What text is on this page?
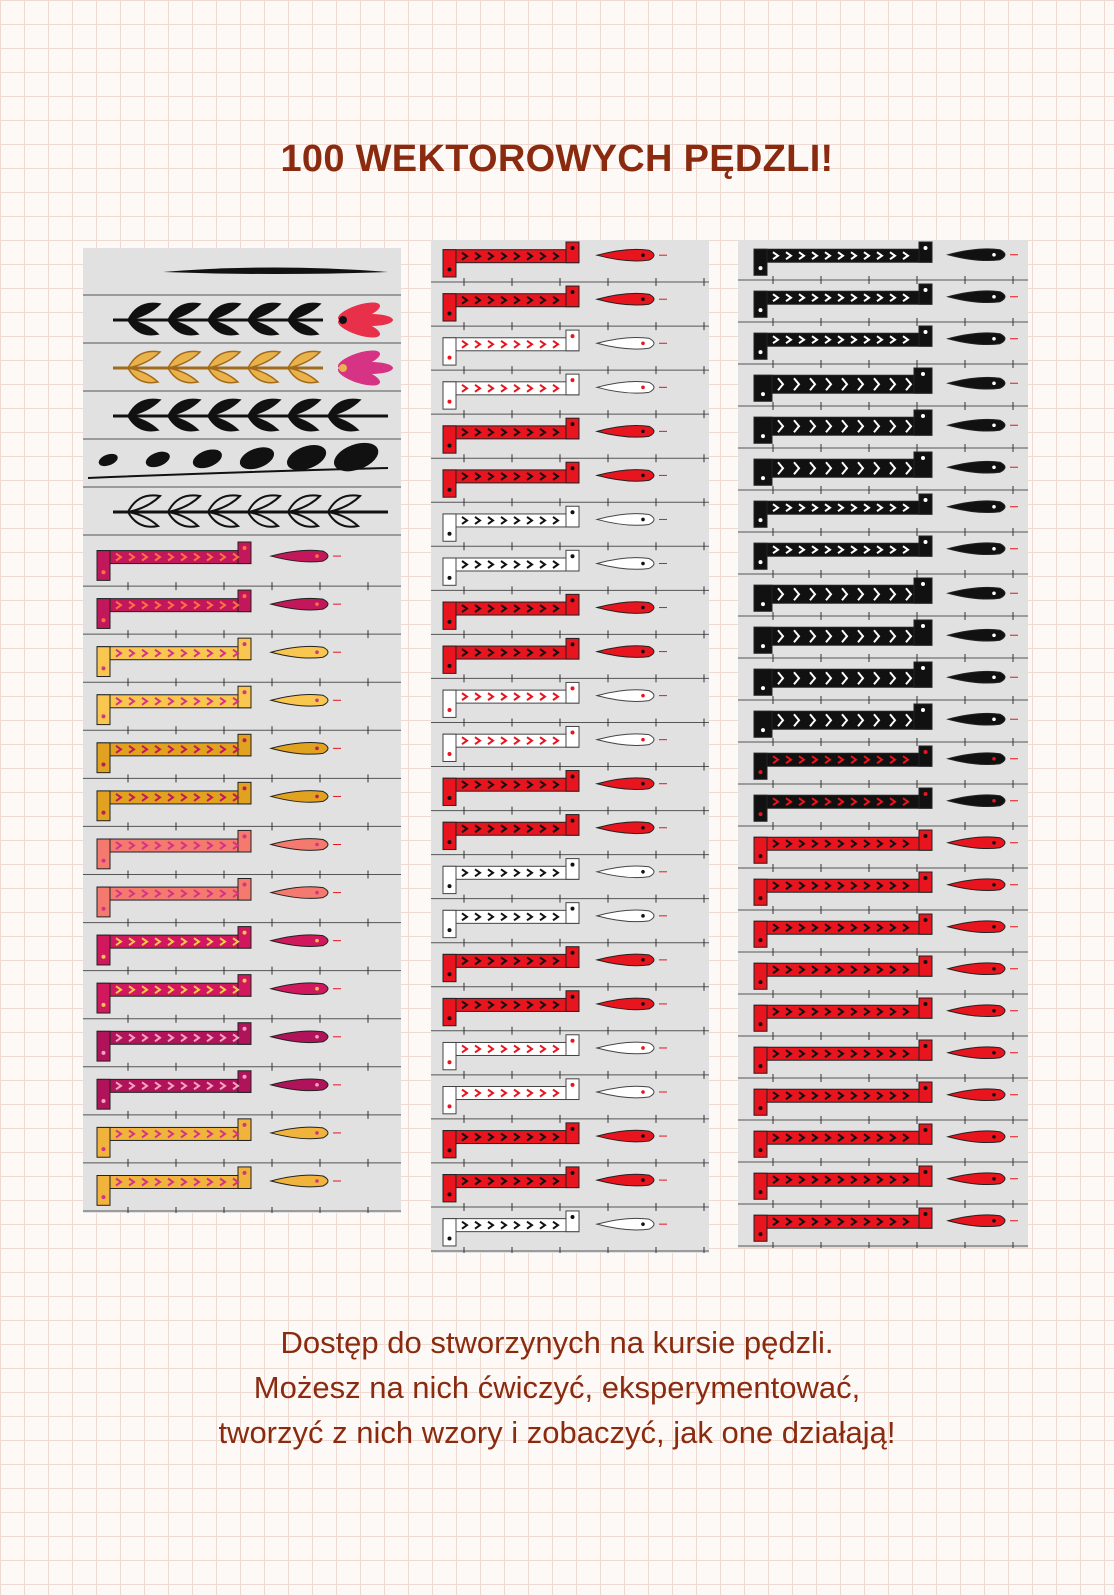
100 WEKTOROWYCH PĘDZLI!
Dostęp do stworzynych na kursie pędzli.
Możesz na nich ćwiczyć, eksperymentować,
tworzyć z nich wzory i zobaczyć, jak one działają!
